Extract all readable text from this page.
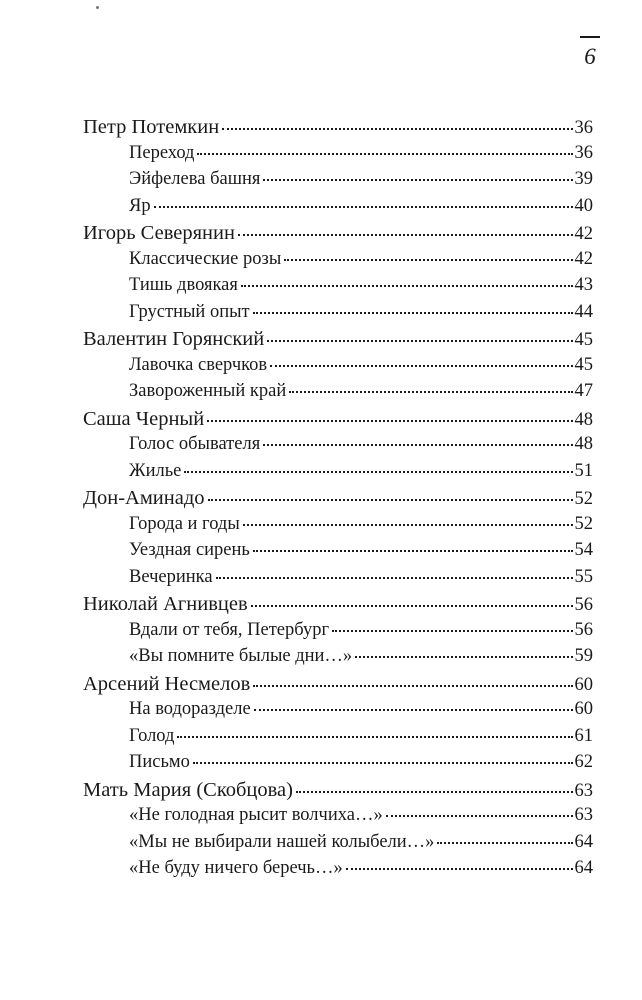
6
Петр Потемкин	36
Переход	36
Эйфелева башня	39
Яр	40
Игорь Северянин	42
Классические розы	42
Тишь двоякая	43
Грустный опыт	44
Валентин Горянский	45
Лавочка сверчков	45
Завороженный край	47
Саша Черный	48
Голос обывателя	48
Жилье	51
Дон-Аминадо	52
Города и годы	52
Уездная сирень	54
Вечеринка	55
Николай Агнивцев	56
Вдали от тебя, Петербург	56
«Вы помните былые дни…»	59
Арсений Несмелов	60
На водоразделе	60
Голод	61
Письмо	62
Мать Мария (Скобцова)	63
«Не голодная рысит волчиха…»	63
«Мы не выбирали нашей колыбели…»	64
«Не буду ничего беречь…»	64
